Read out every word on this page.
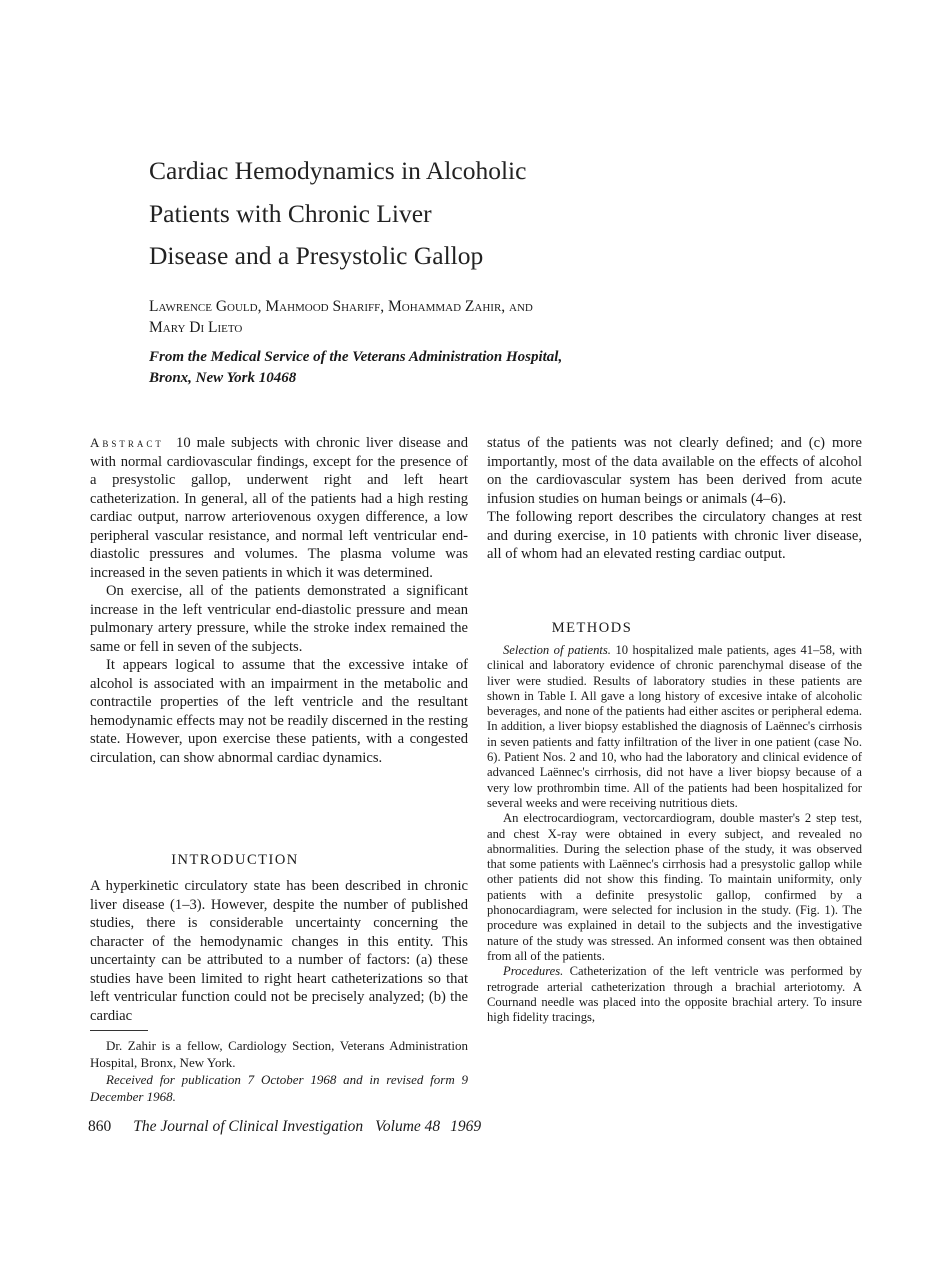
Cardiac Hemodynamics in Alcoholic
Patients with Chronic Liver
Disease and a Presystolic Gallop
Lawrence Gould, Mahmood Shariff, Mohammad Zahir, and
Mary Di Lieto
From the Medical Service of the Veterans Administration Hospital,
Bronx, New York 10468

Abstract 10 male subjects with chronic liver disease and with normal cardiovascular findings, except for the presence of a presystolic gallop, underwent right and left heart catheterization. In general, all of the patients had a high resting cardiac output, narrow arteriovenous oxygen difference, a low peripheral vascular resistance, and normal left ventricular end-diastolic pressures and volumes. The plasma volume was increased in the seven patients in which it was determined.

On exercise, all of the patients demonstrated a significant increase in the left ventricular end-diastolic pressure and mean pulmonary artery pressure, while the stroke index remained the same or fell in seven of the subjects.

It appears logical to assume that the excessive intake of alcohol is associated with an impairment in the metabolic and contractile properties of the left ventricle and the resultant hemodynamic effects may not be readily discerned in the resting state. However, upon exercise these patients, with a congested circulation, can show abnormal cardiac dynamics.

INTRODUCTION

A hyperkinetic circulatory state has been described in chronic liver disease (1–3). However, despite the number of published studies, there is considerable uncertainty concerning the character of the hemodynamic changes in this entity. This uncertainty can be attributed to a number of factors: (a) these studies have been limited to right heart catheterizations so that left ventricular function could not be precisely analyzed; (b) the cardiac

Dr. Zahir is a fellow, Cardiology Section, Veterans Administration Hospital, Bronx, New York.

Received for publication 7 October 1968 and in revised form 9 December 1968.

status of the patients was not clearly defined; and (c) more importantly, most of the data available on the effects of alcohol on the cardiovascular system has been derived from acute infusion studies on human beings or animals (4–6).

The following report describes the circulatory changes at rest and during exercise, in 10 patients with chronic liver disease, all of whom had an elevated resting cardiac output.

METHODS

Selection of patients. 10 hospitalized male patients, ages 41–58, with clinical and laboratory evidence of chronic parenchymal disease of the liver were studied. Results of laboratory studies in these patients are shown in Table I. All gave a long history of excesive intake of alcoholic beverages, and none of the patients had either ascites or peripheral edema. In addition, a liver biopsy established the diagnosis of Laënnec's cirrhosis in seven patients and fatty infiltration of the liver in one patient (case No. 6). Patient Nos. 2 and 10, who had the laboratory and clinical evidence of advanced Laënnec's cirrhosis, did not have a liver biopsy because of a very low prothrombin time. All of the patients had been hospitalized for several weeks and were receiving nutritious diets.

An electrocardiogram, vectorcardiogram, double master's 2 step test, and chest X-ray were obtained in every subject, and revealed no abnormalities. During the selection phase of the study, it was observed that some patients with Laënnec's cirrhosis had a presystolic gallop while other patients did not show this finding. To maintain uniformity, only patients with a definite presystolic gallop, confirmed by a phonocardiagram, were selected for inclusion in the study. (Fig. 1). The procedure was explained in detail to the subjects and the investigative nature of the study was stressed. An informed consent was then obtained from all of the patients.

Procedures. Catheterization of the left ventricle was performed by retrograde arterial catheterization through a brachial arteriotomy. A Cournand needle was placed into the opposite brachial artery. To insure high fidelity tracings,

860 The Journal of Clinical Investigation Volume 48 1969
